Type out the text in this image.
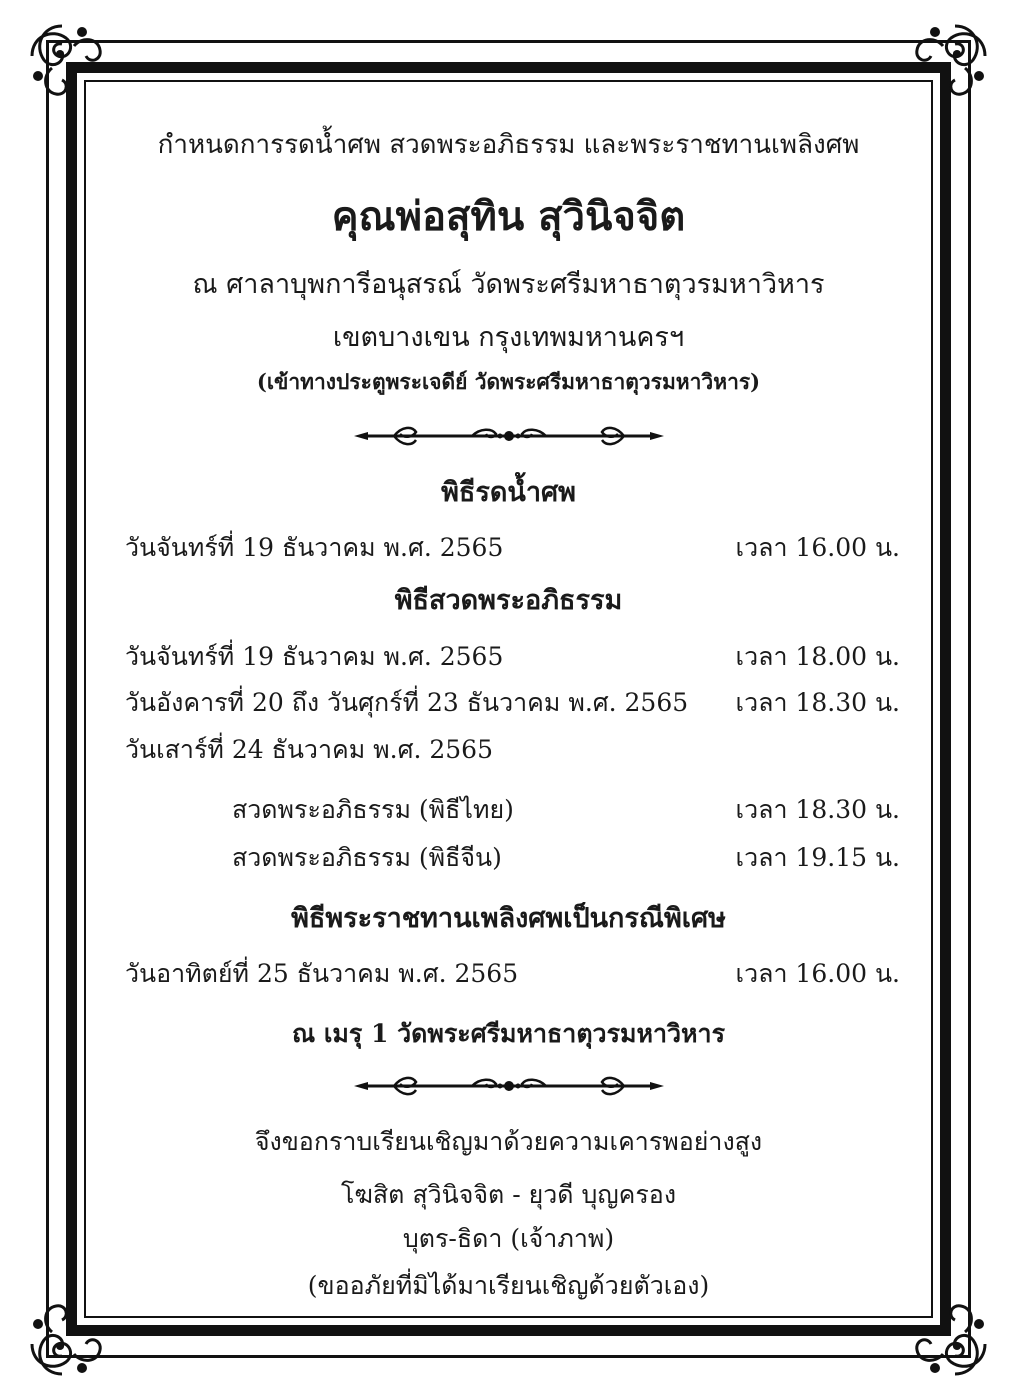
กำหนดการรดน้ำศพ สวดพระอภิธรรม และพระราชทานเพลิงศพ
คุณพ่อสุทิน สุวินิจจิต
ณ ศาลาบุพการีอนุสรณ์ วัดพระศรีมหาธาตุวรมหาวิหาร
เขตบางเขน กรุงเทพมหานครฯ
(เข้าทางประตูพระเจดีย์ วัดพระศรีมหาธาตุวรมหาวิหาร)
พิธีรดน้ำศพ
วันจันทร์ที่ 19 ธันวาคม พ.ศ. 2565	เวลา 16.00 น.
พิธีสวดพระอภิธรรม
วันจันทร์ที่ 19 ธันวาคม พ.ศ. 2565	เวลา 18.00 น.
วันอังคารที่ 20 ถึง วันศุกร์ที่ 23 ธันวาคม พ.ศ. 2565 เวลา 18.30 น.
วันเสาร์ที่ 24 ธันวาคม พ.ศ. 2565
สวดพระอภิธรรม (พิธีไทย)	เวลา 18.30 น.
สวดพระอภิธรรม (พิธีจีน)	เวลา 19.15 น.
พิธีพระราชทานเพลิงศพเป็นกรณีพิเศษ
วันอาทิตย์ที่ 25 ธันวาคม พ.ศ. 2565	เวลา 16.00 น.
ณ เมรุ 1 วัดพระศรีมหาธาตุวรมหาวิหาร
จึงขอกราบเรียนเชิญมาด้วยความเคารพอย่างสูง
โฆสิต สุวินิจจิต - ยุวดี บุญครอง
บุตร-ธิดา (เจ้าภาพ)
(ขออภัยที่มิได้มาเรียนเชิญด้วยตัวเอง)
